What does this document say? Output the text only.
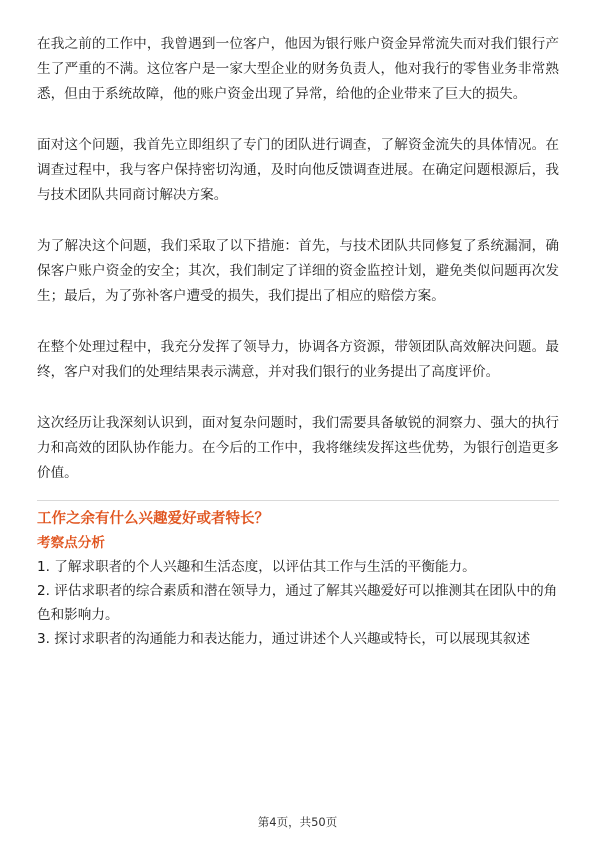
在我之前的工作中，我曾遇到一位客户，他因为银行账户资金异常流失而对我们银行产生了严重的不满。这位客户是一家大型企业的财务负责人，他对我行的零售业务非常熟悉，但由于系统故障，他的账户资金出现了异常，给他的企业带来了巨大的损失。

面对这个问题，我首先立即组织了专门的团队进行调查，了解资金流失的具体情况。在调查过程中，我与客户保持密切沟通，及时向他反馈调查进展。在确定问题根源后，我与技术团队共同商讨解决方案。

为了解决这个问题，我们采取了以下措施：首先，与技术团队共同修复了系统漏洞，确保客户账户资金的安全；其次，我们制定了详细的资金监控计划，避免类似问题再次发生；最后，为了弥补客户遭受的损失，我们提出了相应的赔偿方案。

在整个处理过程中，我充分发挥了领导力，协调各方资源，带领团队高效解决问题。最终，客户对我们的处理结果表示满意，并对我们银行的业务提出了高度评价。

这次经历让我深刻认识到，面对复杂问题时，我们需要具备敏锐的洞察力、强大的执行力和高效的团队协作能力。在今后的工作中，我将继续发挥这些优势，为银行创造更多价值。

工作之余有什么兴趣爱好或者特长？

考察点分析

1. 了解求职者的个人兴趣和生活态度，以评估其工作与生活的平衡能力。
2. 评估求职者的综合素质和潜在领导力，通过了解其兴趣爱好可以推测其在团队中的角色和影响力。
3. 探讨求职者的沟通能力和表达能力，通过讲述个人兴趣或特长，可以展现其叙述
第4页，共50页
